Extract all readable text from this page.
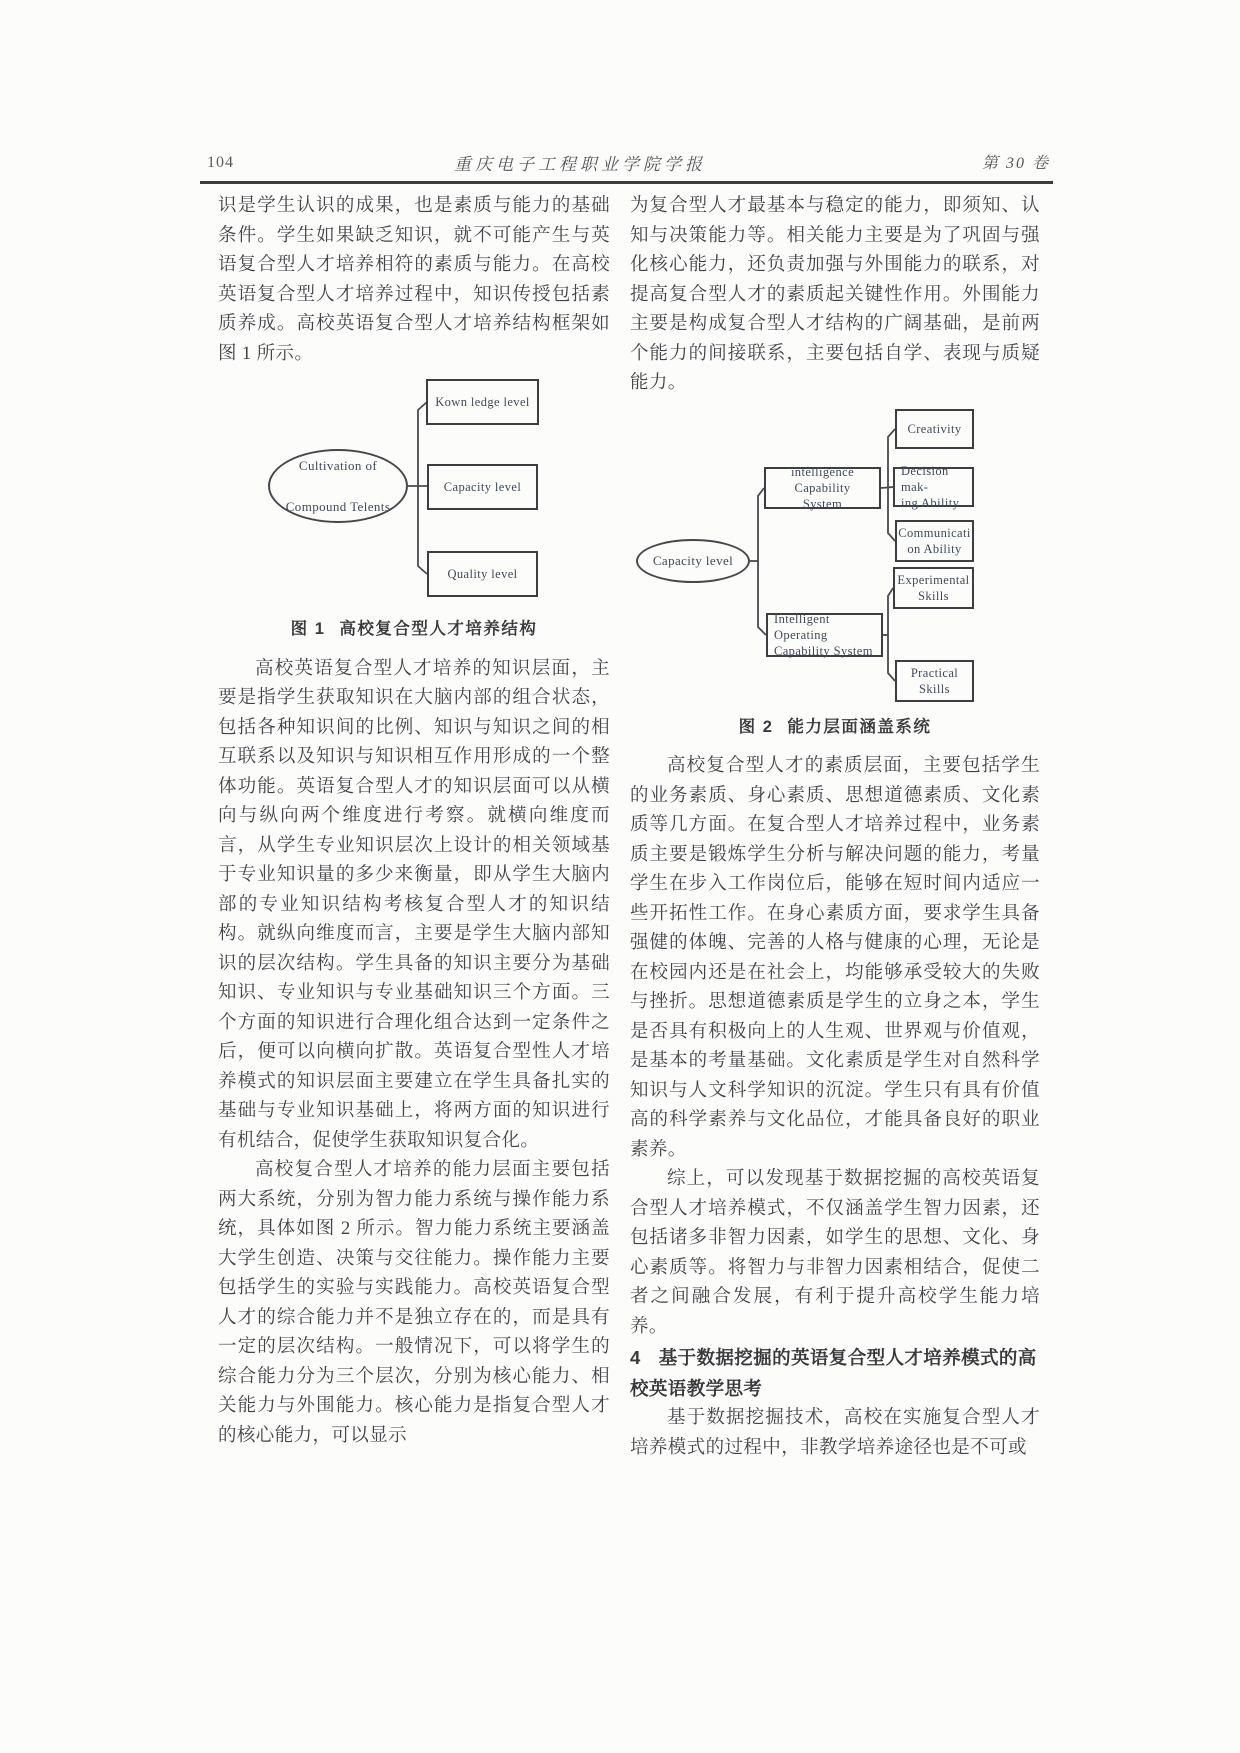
104	重庆电子工程职业学院学报	第 30 卷

识是学生认识的成果，也是素质与能力的基础条件。学生如果缺乏知识，就不可能产生与英语复合型人才培养相符的素质与能力。在高校英语复合型人才培养过程中，知识传授包括素质养成。高校英语复合型人才培养结构框架如图 1 所示。

Cultivation of
Compound Telents
Kown ledge level
Capacity level
Quality level

图 1 高校复合型人才培养结构

高校英语复合型人才培养的知识层面，主要是指学生获取知识在大脑内部的组合状态，包括各种知识间的比例、知识与知识之间的相互联系以及知识与知识相互作用形成的一个整体功能。英语复合型人才的知识层面可以从横向与纵向两个维度进行考察。就横向维度而言，从学生专业知识层次上设计的相关领域基于专业知识量的多少来衡量，即从学生大脑内部的专业知识结构考核复合型人才的知识结构。就纵向维度而言，主要是学生大脑内部知识的层次结构。学生具备的知识主要分为基础知识、专业知识与专业基础知识三个方面。三个方面的知识进行合理化组合达到一定条件之后，便可以向横向扩散。英语复合型性人才培养模式的知识层面主要建立在学生具备扎实的基础与专业知识基础上，将两方面的知识进行有机结合，促使学生获取知识复合化。

高校复合型人才培养的能力层面主要包括两大系统，分别为智力能力系统与操作能力系统，具体如图 2 所示。智力能力系统主要涵盖大学生创造、决策与交往能力。操作能力主要包括学生的实验与实践能力。高校英语复合型人才的综合能力并不是独立存在的，而是具有一定的层次结构。一般情况下，可以将学生的综合能力分为三个层次，分别为核心能力、相关能力与外围能力。核心能力是指复合型人才的核心能力，可以显示

为复合型人才最基本与稳定的能力，即须知、认知与决策能力等。相关能力主要是为了巩固与强化核心能力，还负责加强与外围能力的联系，对提高复合型人才的素质起关键性作用。外围能力主要是构成复合型人才结构的广阔基础，是前两个能力的间接联系，主要包括自学、表现与质疑能力。

Capacity level
intelligence Capability
System
Intelligent Operating
Capability System
Creativity
Decision mak-
ing Ability
Communicati
on Ability
Experimental
Skills
Practical Skills

图 2 能力层面涵盖系统

高校复合型人才的素质层面，主要包括学生的业务素质、身心素质、思想道德素质、文化素质等几方面。在复合型人才培养过程中，业务素质主要是锻炼学生分析与解决问题的能力，考量学生在步入工作岗位后，能够在短时间内适应一些开拓性工作。在身心素质方面，要求学生具备强健的体魄、完善的人格与健康的心理，无论是在校园内还是在社会上，均能够承受较大的失败与挫折。思想道德素质是学生的立身之本，学生是否具有积极向上的人生观、世界观与价值观，是基本的考量基础。文化素质是学生对自然科学知识与人文科学知识的沉淀。学生只有具有价值高的科学素养与文化品位，才能具备良好的职业素养。

综上，可以发现基于数据挖掘的高校英语复合型人才培养模式，不仅涵盖学生智力因素，还包括诸多非智力因素，如学生的思想、文化、身心素质等。将智力与非智力因素相结合，促使二者之间融合发展，有利于提升高校学生能力培养。

4 基于数据挖掘的英语复合型人才培养模式的高校英语教学思考

基于数据挖掘技术，高校在实施复合型人才培养模式的过程中，非教学培养途径也是不可或
